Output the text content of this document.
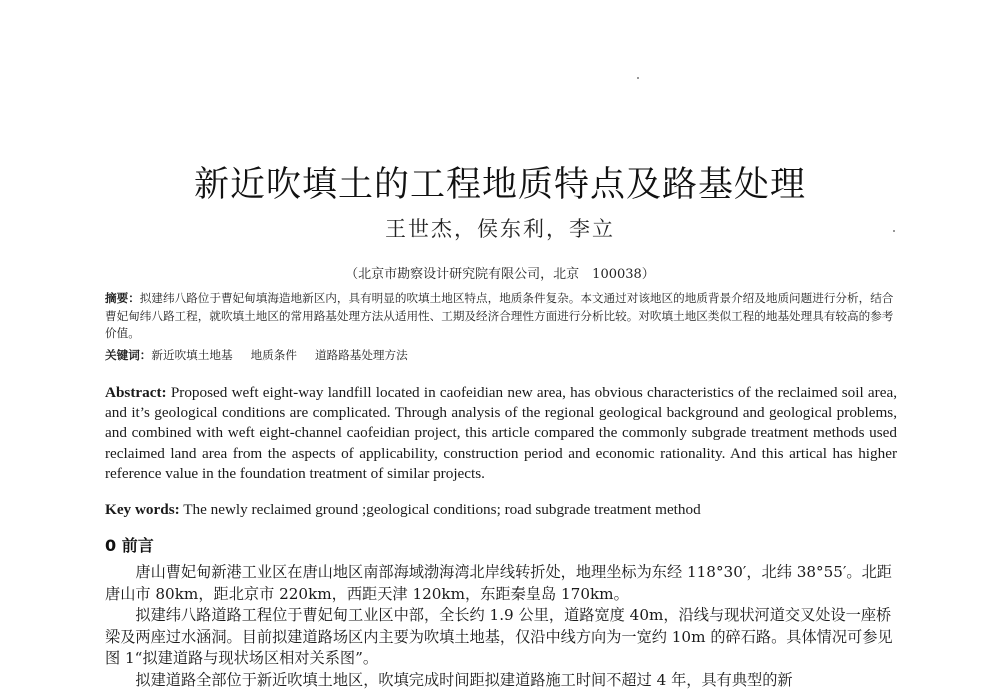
新近吹填土的工程地质特点及路基处理
王世杰，侯东利，李立
（北京市勘察设计研究院有限公司，北京　100038）
摘要：拟建纬八路位于曹妃甸填海造地新区内，具有明显的吹填土地区特点，地质条件复杂。本文通过对该地区的地质背景介绍及地质问题进行分析，结合曹妃甸纬八路工程，就吹填土地区的常用路基处理方法从适用性、工期及经济合理性方面进行分析比较。对吹填土地区类似工程的地基处理具有较高的参考价值。
关键词：新近吹填土地基 地质条件 道路路基处理方法
Abstract: Proposed weft eight-way landfill located in caofeidian new area, has obvious characteristics of the reclaimed soil area, and it’s geological conditions are complicated. Through analysis of the regional geological background and geological problems, and combined with weft eight-channel caofeidian project, this article compared the commonly subgrade treatment methods used reclaimed land area from the aspects of applicability, construction period and economic rationality. And this artical has higher reference value in the foundation treatment of similar projects.
Key words: The newly reclaimed ground ;geological conditions; road subgrade treatment method
0 前言

唐山曹妃甸新港工业区在唐山地区南部海域渤海湾北岸线转折处，地理坐标为东经 118°30′，北纬 38°55′。北距唐山市 80km，距北京市 220km，西距天津 120km，东距秦皇岛 170km。

拟建纬八路道路工程位于曹妃甸工业区中部，全长约 1.9 公里，道路宽度 40m，沿线与现状河道交叉处设一座桥梁及两座过水涵洞。目前拟建道路场区内主要为吹填土地基，仅沿中线方向为一宽约 10m 的碎石路。具体情况可参见图 1“拟建道路与现状场区相对关系图”。

拟建道路全部位于新近吹填土地区，吹填完成时间距拟建道路施工时间不超过 4 年，具有典型的新
